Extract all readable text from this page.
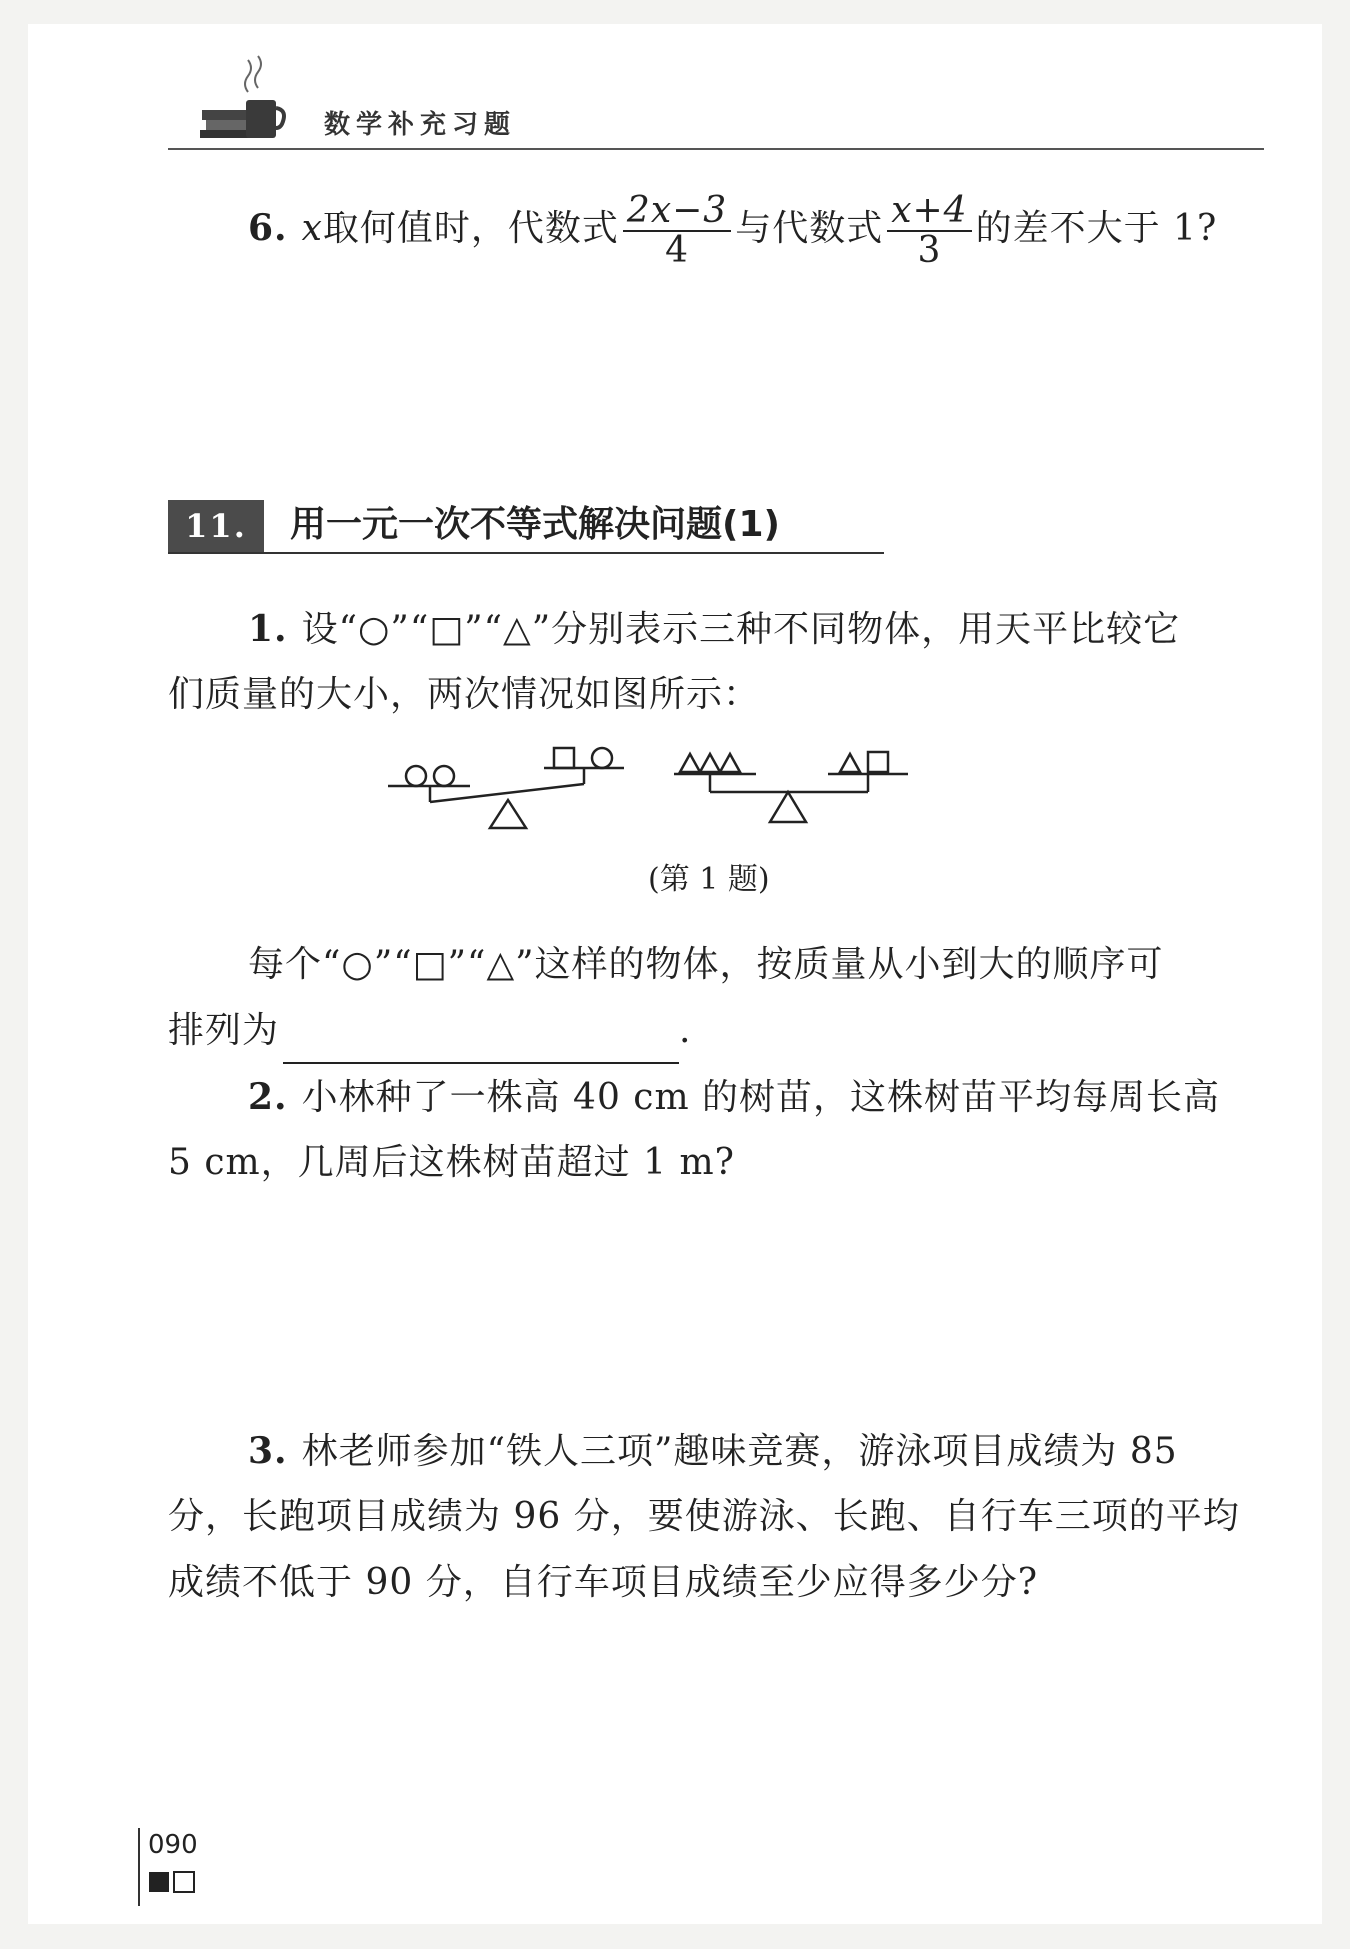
数学补充习题
6. x取何值时，代数式 $\frac{2x-3}{4}$ 与代数式 $\frac{x+4}{3}$ 的差不大于 1?
11. 5
用一元一次不等式解决问题(1)
1. 设“○”“□”“△”分别表示三种不同物体，用天平比较它
们质量的大小，两次情况如图所示：
(第 1 题)
每个“○”“□”“△”这样的物体，按质量从小到大的顺序可
排列为	.
2. 小林种了一株高 40 cm 的树苗，这株树苗平均每周长高
5 cm，几周后这株树苗超过 1 m?
3. 林老师参加“铁人三项”趣味竞赛，游泳项目成绩为 85
分，长跑项目成绩为 96 分，要使游泳、长跑、自行车三项的平均
成绩不低于 90 分，自行车项目成绩至少应得多少分?
090
